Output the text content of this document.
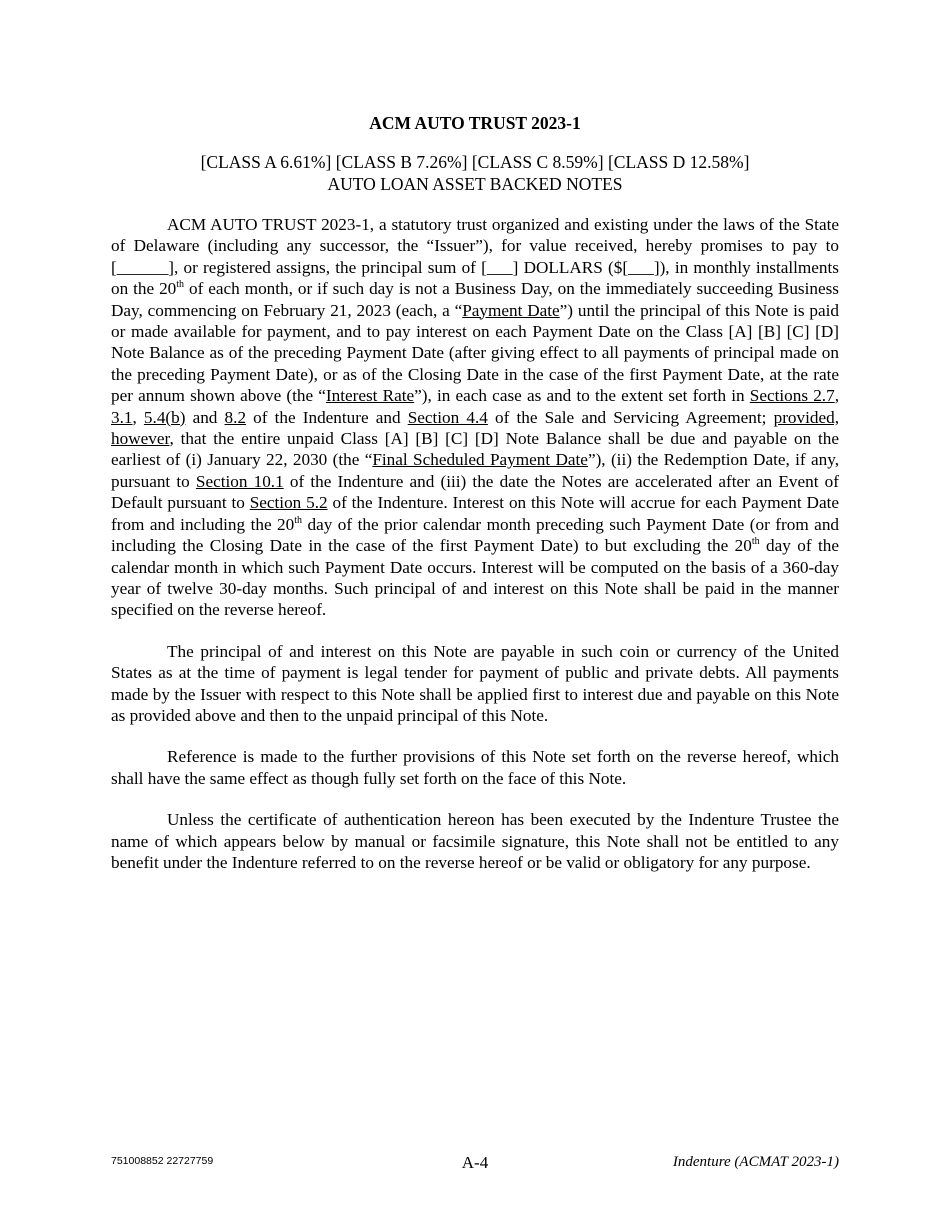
ACM AUTO TRUST 2023-1
[CLASS A 6.61%] [CLASS B 7.26%] [CLASS C 8.59%] [CLASS D 12.58%]
AUTO LOAN ASSET BACKED NOTES

ACM AUTO TRUST 2023-1, a statutory trust organized and existing under the laws of the State of Delaware (including any successor, the “Issuer”), for value received, hereby promises to pay to [______], or registered assigns, the principal sum of [___] DOLLARS ($[___]), in monthly installments on the 20th of each month, or if such day is not a Business Day, on the immediately succeeding Business Day, commencing on February 21, 2023 (each, a “Payment Date”) until the principal of this Note is paid or made available for payment, and to pay interest on each Payment Date on the Class [A] [B] [C] [D] Note Balance as of the preceding Payment Date (after giving effect to all payments of principal made on the preceding Payment Date), or as of the Closing Date in the case of the first Payment Date, at the rate per annum shown above (the “Interest Rate”), in each case as and to the extent set forth in Sections 2.7, 3.1, 5.4(b) and 8.2 of the Indenture and Section 4.4 of the Sale and Servicing Agreement; provided, however, that the entire unpaid Class [A] [B] [C] [D] Note Balance shall be due and payable on the earliest of (i) January 22, 2030 (the “Final Scheduled Payment Date”), (ii) the Redemption Date, if any, pursuant to Section 10.1 of the Indenture and (iii) the date the Notes are accelerated after an Event of Default pursuant to Section 5.2 of the Indenture. Interest on this Note will accrue for each Payment Date from and including the 20th day of the prior calendar month preceding such Payment Date (or from and including the Closing Date in the case of the first Payment Date) to but excluding the 20th day of the calendar month in which such Payment Date occurs. Interest will be computed on the basis of a 360-day year of twelve 30-day months. Such principal of and interest on this Note shall be paid in the manner specified on the reverse hereof.

The principal of and interest on this Note are payable in such coin or currency of the United States as at the time of payment is legal tender for payment of public and private debts. All payments made by the Issuer with respect to this Note shall be applied first to interest due and payable on this Note as provided above and then to the unpaid principal of this Note.

Reference is made to the further provisions of this Note set forth on the reverse hereof, which shall have the same effect as though fully set forth on the face of this Note.

Unless the certificate of authentication hereon has been executed by the Indenture Trustee the name of which appears below by manual or facsimile signature, this Note shall not be entitled to any benefit under the Indenture referred to on the reverse hereof or be valid or obligatory for any purpose.

751008852 22727759	A-4	Indenture (ACMAT 2023-1)
